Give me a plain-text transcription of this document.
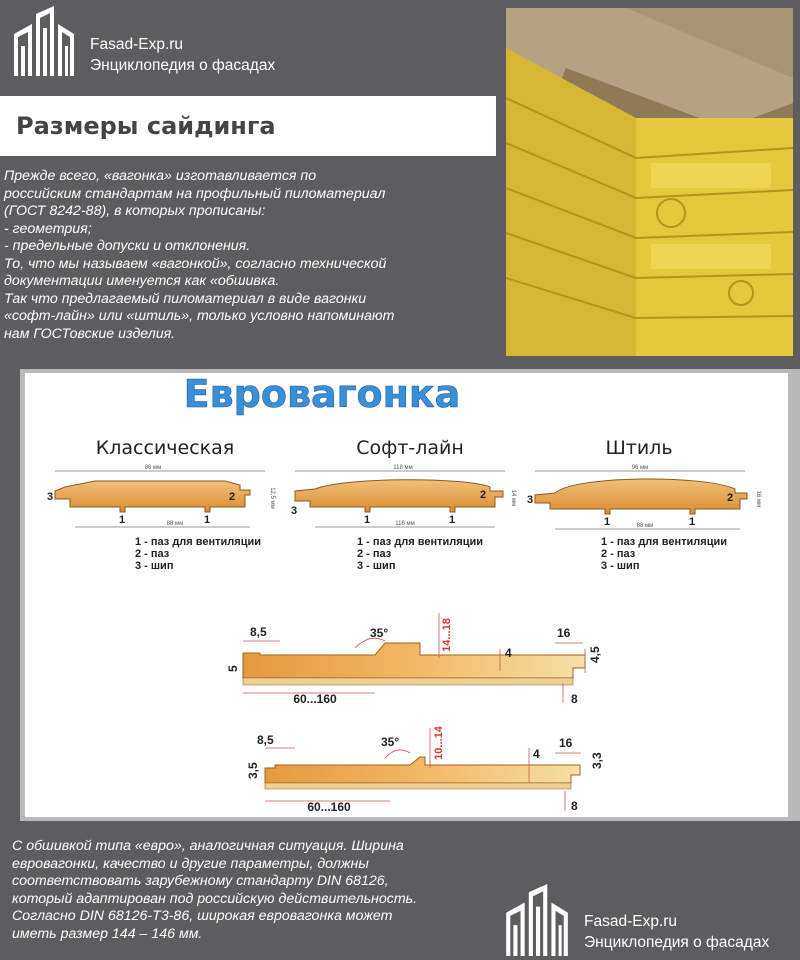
Fasad-Exp.ru
Энциклопедия о фасадах
Размеры сайдинга
Прежде всего, «вагонка» изготавливается по
российским стандартам на профильный пиломатериал
(ГОСТ 8242-88), в которых прописаны:
- геометрия;
- предельные допуски и отклонения.
То, что мы называем «вагонкой», согласно технической
документации именуется как «обшивка.
Так что предлагаемый пиломатериал в виде вагонки
«софт-лайн» или «штиль», только условно напоминают
нам ГОСТовские изделия.
Евровагонка
Классическая	Софт-лайн	Штиль
86 мм
3	2
1	1
88 мм
12,5 мм
1 - паз для вентиляции
2 - паз
3 - шип
118 мм
3
2
1	1
116 мм
14 мм
1 - паз для вентиляции
2 - паз
3 - шип
96 мм
3	2
1	1
88 мм
16 мм
1 - паз для вентиляции
2 - паз
3 - шип
8,5	35°	14...18	16
5
4	4,5
60...160	8
8,5	35°	10...14	16
3,5
4	3,3
60...160	8
С обшивкой типа «евро», аналогичная ситуация. Ширина
евровагонки, качество и другие параметры, должны
соответствовать зарубежному стандарту DIN 68126,
который адаптирован под российскую действительность.
Согласно DIN 68126-Т3-86, широкая евровагонка может
иметь размер 144 – 146 мм.
Fasad-Exp.ru
Энциклопедия о фасадах
